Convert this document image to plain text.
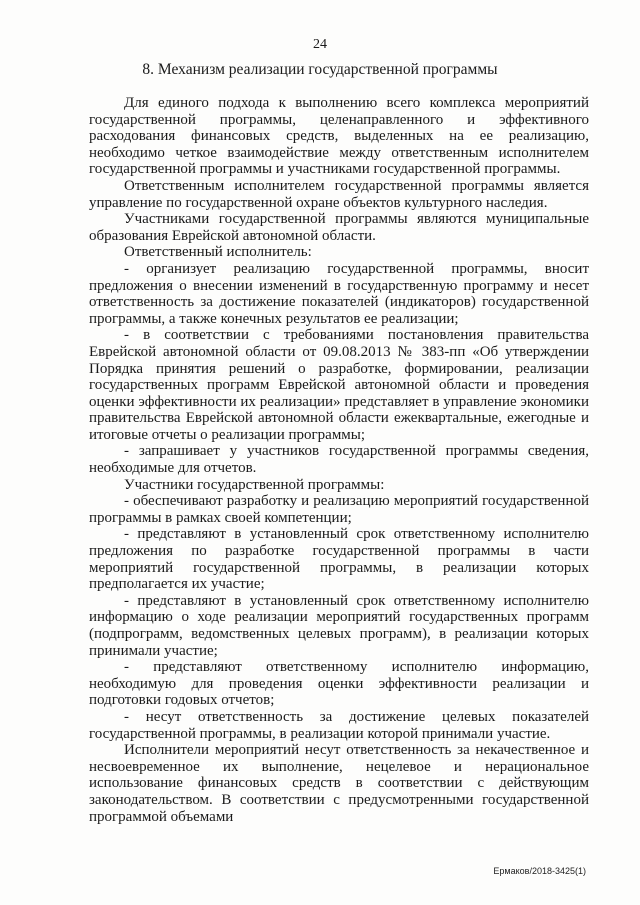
24
8. Механизм реализации государственной программы

Для единого подхода к выполнению всего комплекса мероприятий государственной программы, целенаправленного и эффективного расходования финансовых средств, выделенных на ее реализацию, необходимо четкое взаимодействие между ответственным исполнителем государственной программы и участниками государственной программы.

Ответственным исполнителем государственной программы является управление по государственной охране объектов культурного наследия.

Участниками государственной программы являются муниципальные образования Еврейской автономной области.

Ответственный исполнитель:

- организует реализацию государственной программы, вносит предложения о внесении изменений в государственную программу и несет ответственность за достижение показателей (индикаторов) государственной программы, а также конечных результатов ее реализации;

- в соответствии с требованиями постановления правительства Еврейской автономной области от 09.08.2013 № 383-пп «Об утверждении Порядка принятия решений о разработке, формировании, реализации государственных программ Еврейской автономной области и проведения оценки эффективности их реализации» представляет в управление экономики правительства Еврейской автономной области ежеквартальные, ежегодные и итоговые отчеты о реализации программы;

- запрашивает у участников государственной программы сведения, необходимые для отчетов.

Участники государственной программы:

- обеспечивают разработку и реализацию мероприятий государственной программы в рамках своей компетенции;

- представляют в установленный срок ответственному исполнителю предложения по разработке государственной программы в части мероприятий государственной программы, в реализации которых предполагается их участие;

- представляют в установленный срок ответственному исполнителю информацию о ходе реализации мероприятий государственных программ (подпрограмм, ведомственных целевых программ), в реализации которых принимали участие;

- представляют ответственному исполнителю информацию, необходимую для проведения оценки эффективности реализации и подготовки годовых отчетов;

- несут ответственность за достижение целевых показателей государственной программы, в реализации которой принимали участие.

Исполнители мероприятий несут ответственность за некачественное и несвоевременное их выполнение, нецелевое и нерациональное использование финансовых средств в соответствии с действующим законодательством. В соответствии с предусмотренными государственной программой объемами

Ермаков/2018-3425(1)
